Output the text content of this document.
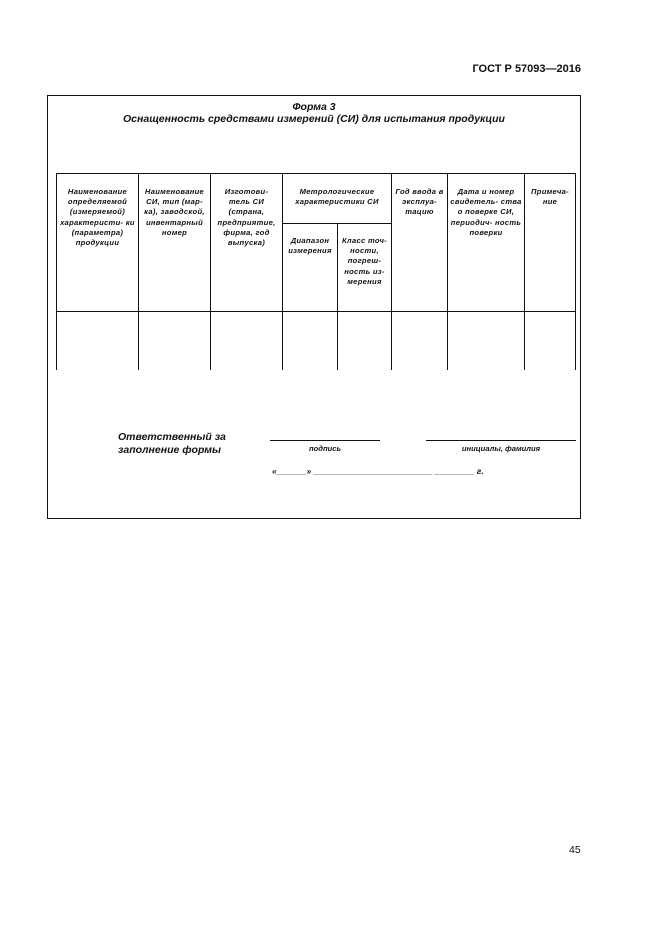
ГОСТ Р 57093—2016
Форма 3
Оснащенность средствами измерений (СИ) для испытания продукции
Наименование определяемой (измеряемой) характеристи- ки (параметра) продукции	Наименование СИ, тип (мар- ка), заводской, инвентарный номер	Изготови- тель СИ (страна, предприятие, фирма, год выпуска)	Метрологические характеристики СИ		Год ввода в эксплуа- тацию	Дата и номер свидетель- ства о поверке СИ, периодич- ность поверки	Примеча- ние
			Диапазон измерения	Класс точ- ности, погреш- ность из- мерения			

Ответственный за
заполнение формы	подпись	инициалы, фамилия
«______» ________________________ ________ г.
45
